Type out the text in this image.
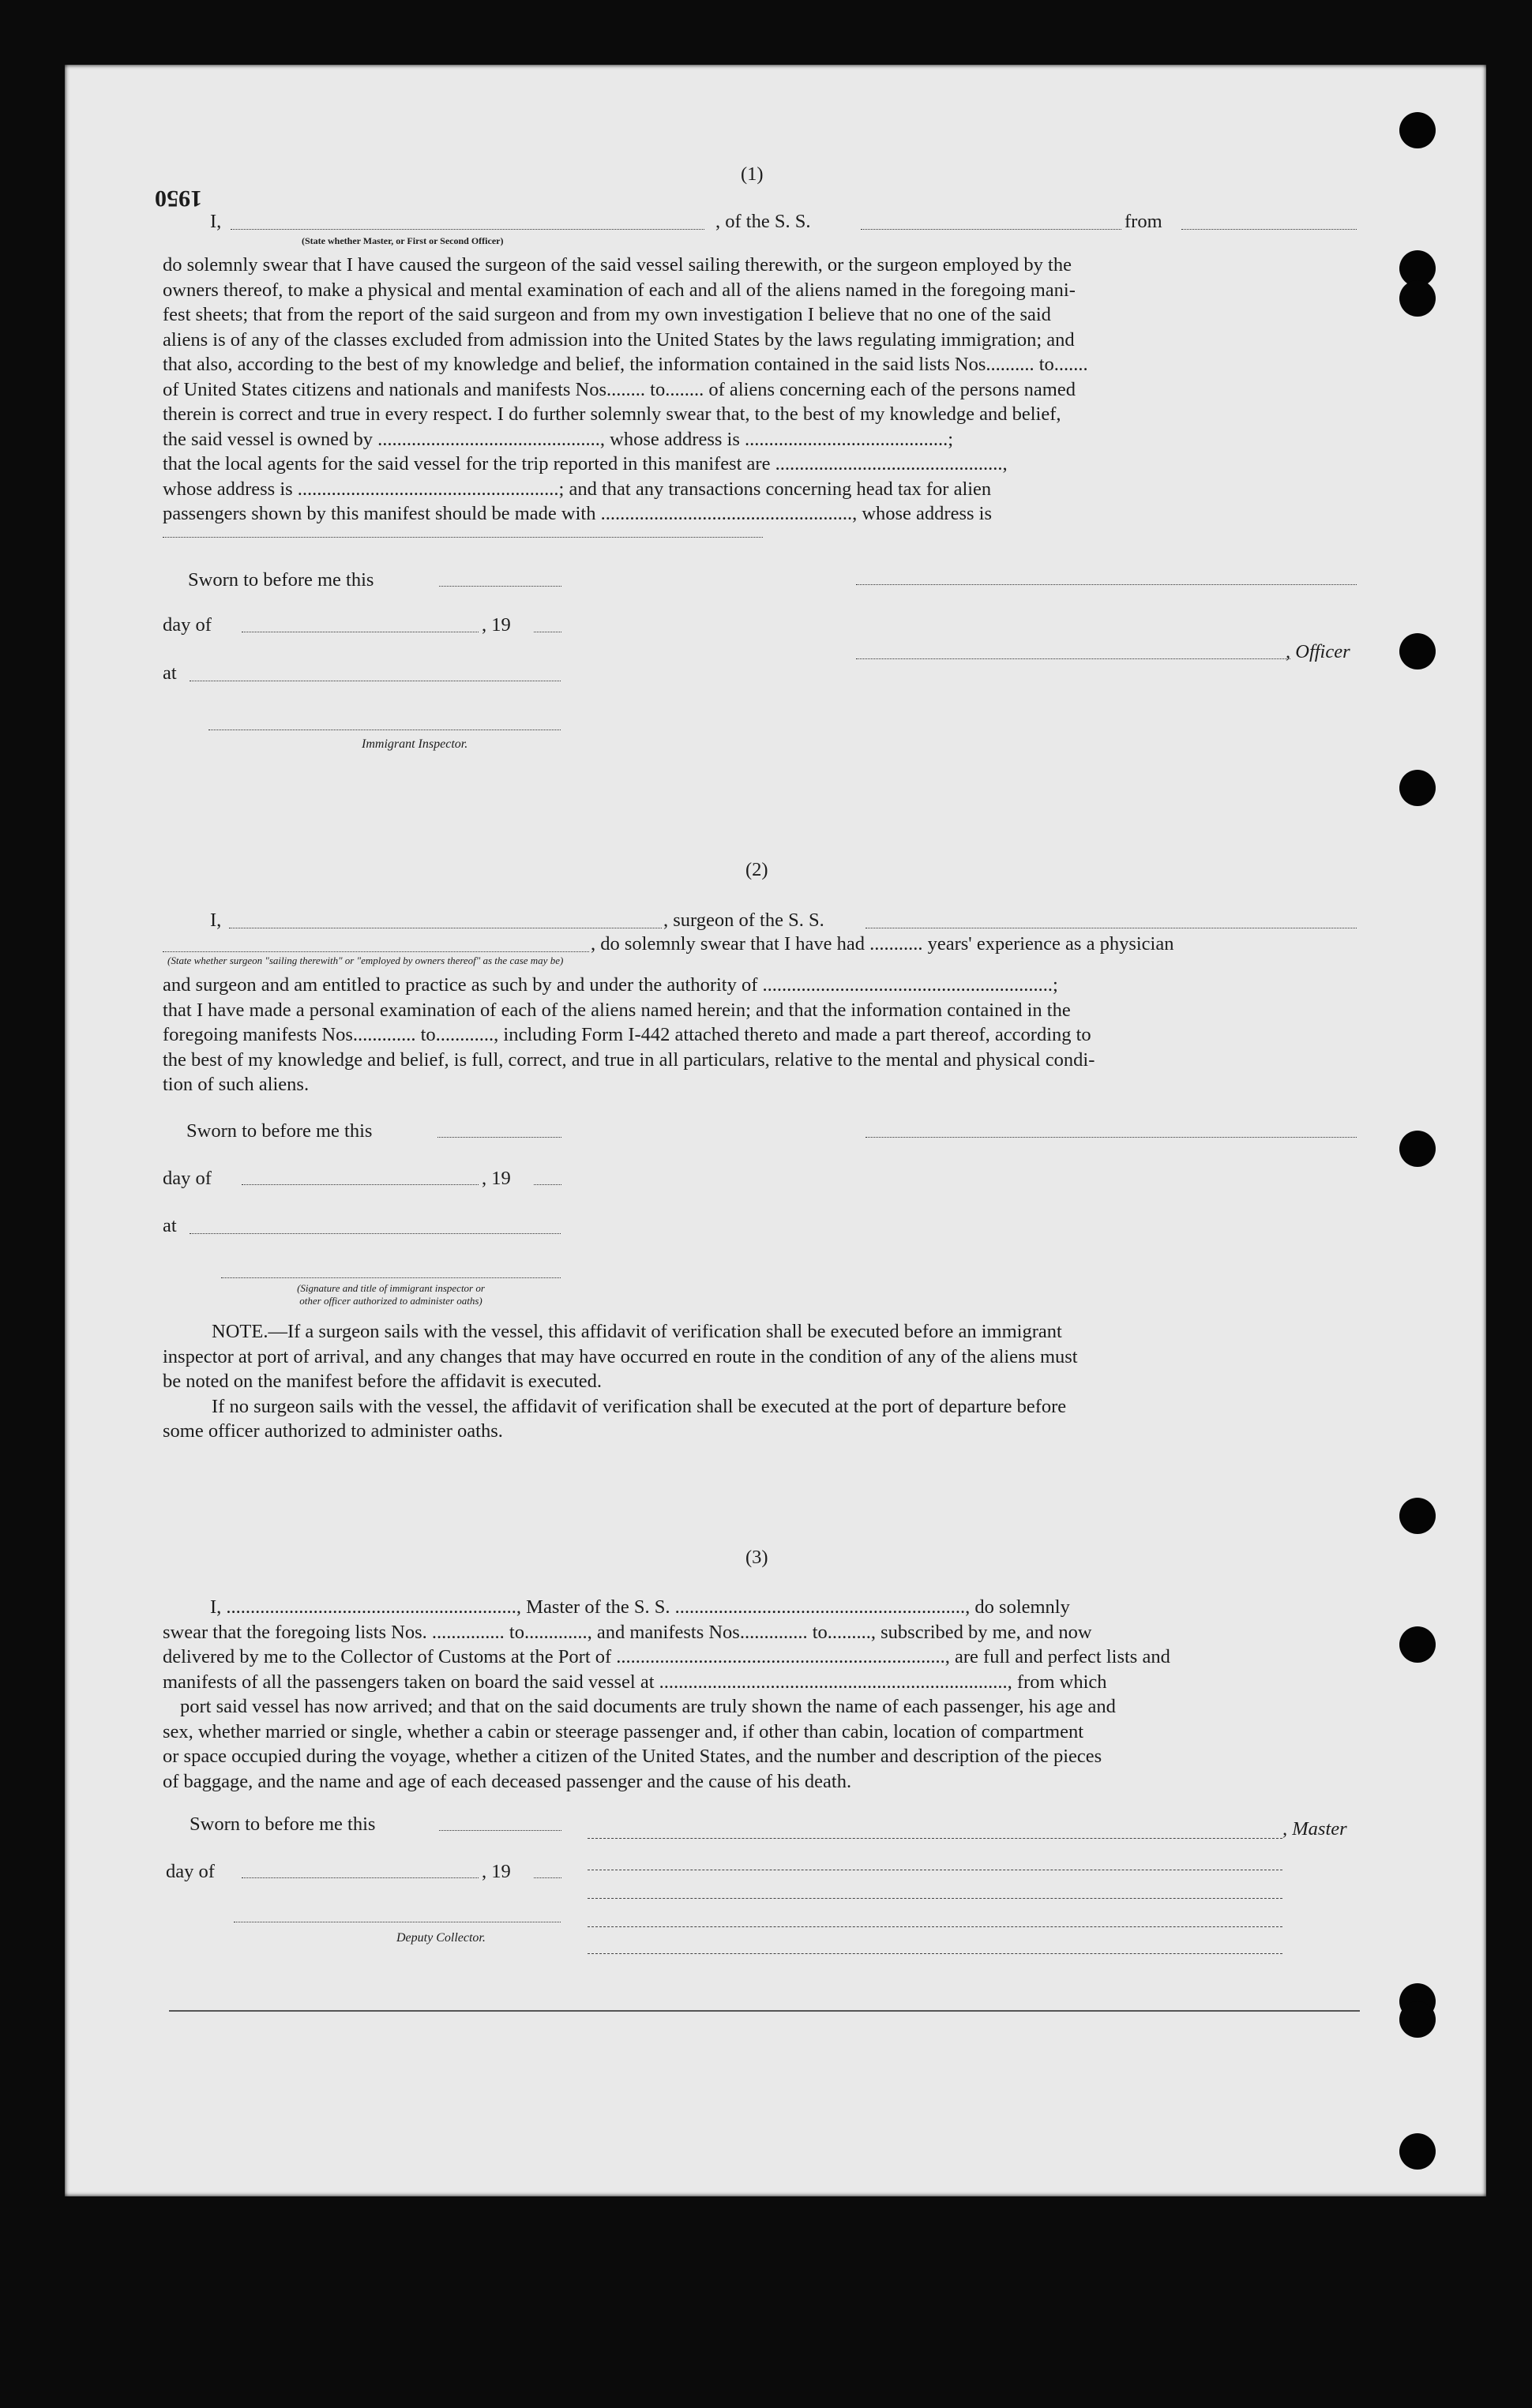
1950
(1)
I,	, of the S. S.	from
(State whether Master, or First or Second Officer)
do solemnly swear that I have caused the surgeon of the said vessel sailing therewith, or the surgeon employed by the
owners thereof, to make a physical and mental examination of each and all of the aliens named in the foregoing mani-
fest sheets; that from the report of the said surgeon and from my own investigation I believe that no one of the said
aliens is of any of the classes excluded from admission into the United States by the laws regulating immigration; and
that also, according to the best of my knowledge and belief, the information contained in the said lists Nos.......... to.......
of United States citizens and nationals and manifests Nos........ to........ of aliens concerning each of the persons named
therein is correct and true in every respect. I do further solemnly swear that, to the best of my knowledge and belief,
the said vessel is owned by .............................................., whose address is ..........................................;
that the local agents for the said vessel for the trip reported in this manifest are ...............................................,
whose address is ......................................................; and that any transactions concerning head tax for alien
passengers shown by this manifest should be made with ...................................................., whose address is
Sworn to before me this
day of	, 19
at
Immigrant Inspector.
, Officer
(2)
I,	, surgeon of the S. S.
, do solemnly swear that I have had ........... years' experience as a physician
(State whether surgeon "sailing therewith" or "employed by owners thereof" as the case may be)
and surgeon and am entitled to practice as such by and under the authority of ............................................................;
that I have made a personal examination of each of the aliens named herein; and that the information contained in the
foregoing manifests Nos............. to............, including Form I-442 attached thereto and made a part thereof, according to
the best of my knowledge and belief, is full, correct, and true in all particulars, relative to the mental and physical condi-
tion of such aliens.
Sworn to before me this
day of	, 19
at
(Signature and title of immigrant inspector or
other officer authorized to administer oaths)
NOTE.—If a surgeon sails with the vessel, this affidavit of verification shall be executed before an immigrant
inspector at port of arrival, and any changes that may have occurred en route in the condition of any of the aliens must
be noted on the manifest before the affidavit is executed.
If no surgeon sails with the vessel, the affidavit of verification shall be executed at the port of departure before
some officer authorized to administer oaths.
(3)
I, ............................................................, Master of the S. S. ............................................................, do solemnly
swear that the foregoing lists Nos. ............... to............., and manifests Nos.............. to........., subscribed by me, and now
delivered by me to the Collector of Customs at the Port of ...................................................................., are full and perfect lists and
manifests of all the passengers taken on board the said vessel at ........................................................................, from which
port said vessel has now arrived; and that on the said documents are truly shown the name of each passenger, his age and
sex, whether married or single, whether a cabin or steerage passenger and, if other than cabin, location of compartment
or space occupied during the voyage, whether a citizen of the United States, and the number and description of the pieces
of baggage, and the name and age of each deceased passenger and the cause of his death.
Sworn to before me this
day of	, 19
Deputy Collector.
, Master
